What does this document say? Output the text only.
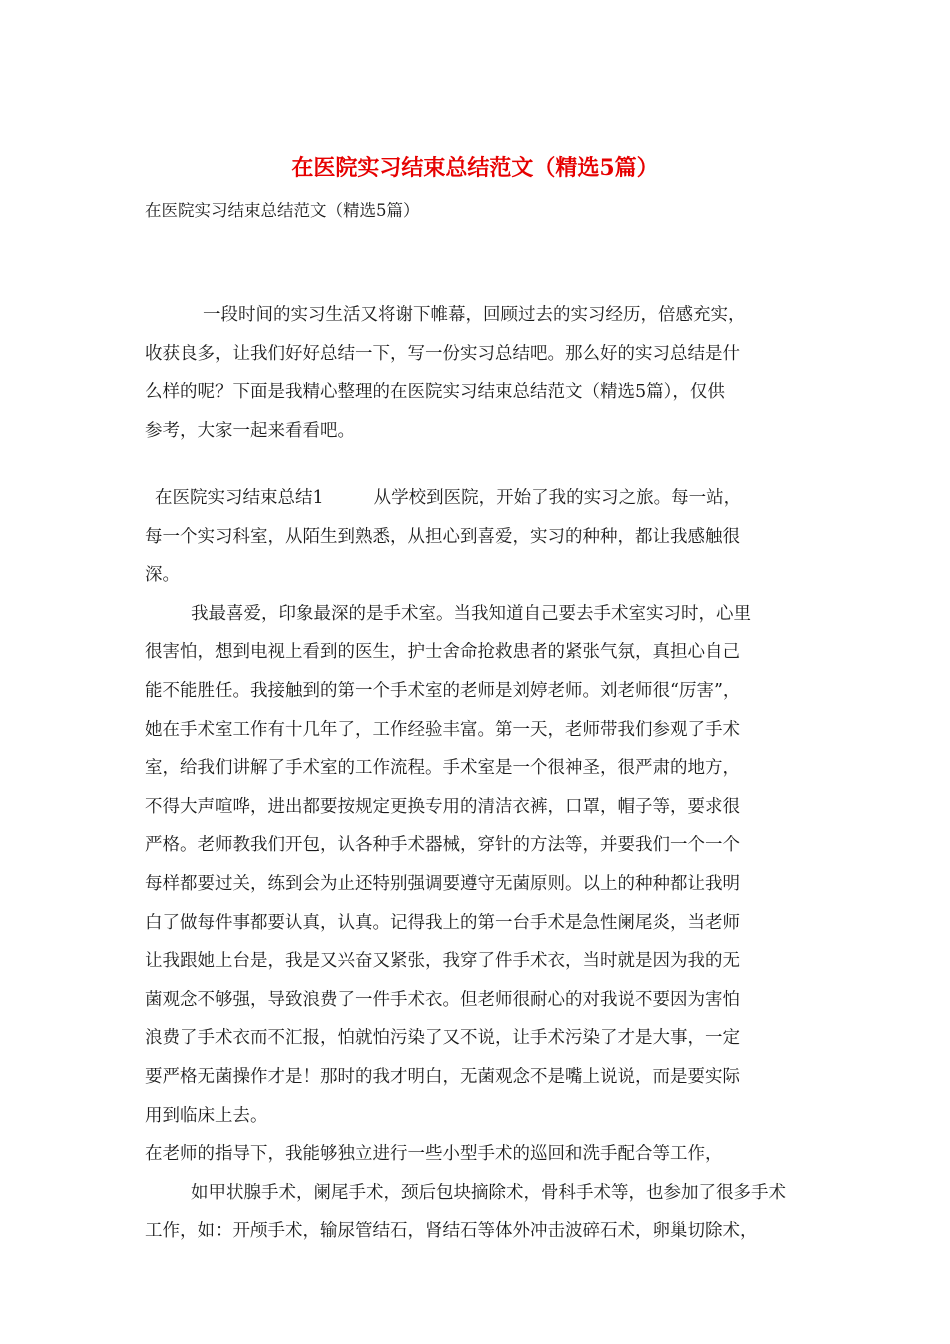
在医院实习结束总结范文（精选5篇）
在医院实习结束总结范文（精选5篇）
一段时间的实习生活又将谢下帷幕，回顾过去的实习经历，倍感充实，
收获良多，让我们好好总结一下，写一份实习总结吧。那么好的实习总结是什
么样的呢？下面是我精心整理的在医院实习结束总结范文（精选5篇），仅供
参考，大家一起来看看吧。
在医院实习结束总结1	从学校到医院，开始了我的实习之旅。每一站，
每一个实习科室，从陌生到熟悉，从担心到喜爱，实习的种种，都让我感触很
深。
我最喜爱，印象最深的是手术室。当我知道自己要去手术室实习时，心里
很害怕，想到电视上看到的医生，护士舍命抢救患者的紧张气氛，真担心自己
能不能胜任。我接触到的第一个手术室的老师是刘婷老师。刘老师很“厉害”，
她在手术室工作有十几年了，工作经验丰富。第一天，老师带我们参观了手术
室，给我们讲解了手术室的工作流程。手术室是一个很神圣，很严肃的地方，
不得大声喧哗，进出都要按规定更换专用的清洁衣裤，口罩，帽子等，要求很
严格。老师教我们开包，认各种手术器械，穿针的方法等，并要我们一个一个
每样都要过关，练到会为止还特别强调要遵守无菌原则。以上的种种都让我明
白了做每件事都要认真，认真。记得我上的第一台手术是急性阑尾炎，当老师
让我跟她上台是，我是又兴奋又紧张，我穿了件手术衣，当时就是因为我的无
菌观念不够强，导致浪费了一件手术衣。但老师很耐心的对我说不要因为害怕
浪费了手术衣而不汇报，怕就怕污染了又不说，让手术污染了才是大事，一定
要严格无菌操作才是！那时的我才明白，无菌观念不是嘴上说说，而是要实际
用到临床上去。
在老师的指导下，我能够独立进行一些小型手术的巡回和洗手配合等工作，
如甲状腺手术，阑尾手术，颈后包块摘除术，骨科手术等，也参加了很多手术
工作，如：开颅手术，输尿管结石，肾结石等体外冲击波碎石术，卵巢切除术，
